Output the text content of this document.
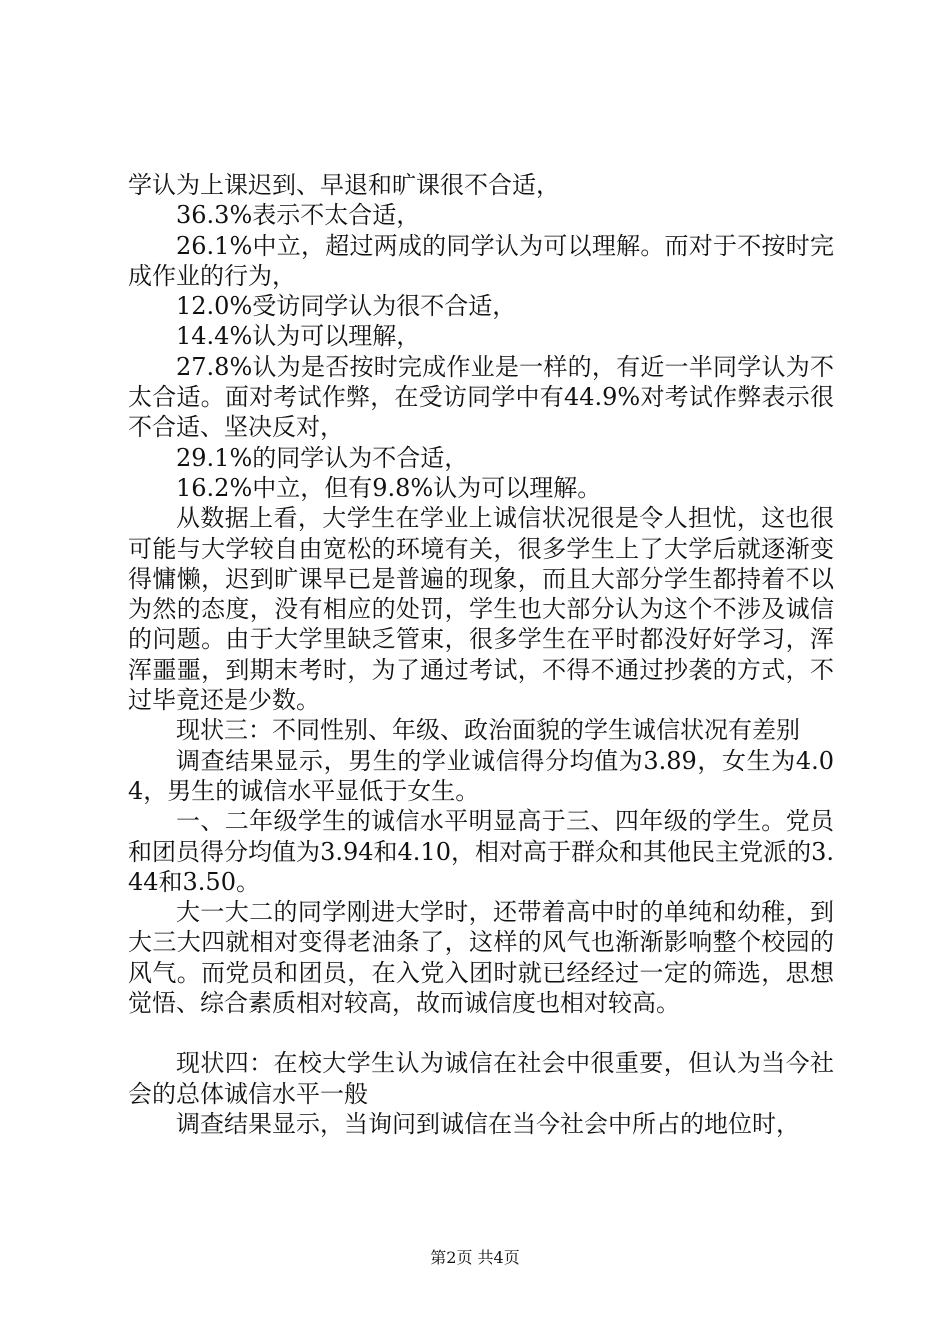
学认为上课迟到、早退和旷课很不合适，

36.3%表示不太合适，

26.1%中立，超过两成的同学认为可以理解。而对于不按时完成作业的行为，

12.0%受访同学认为很不合适，

14.4%认为可以理解，

27.8%认为是否按时完成作业是一样的，有近一半同学认为不太合适。面对考试作弊，在受访同学中有44.9%对考试作弊表示很不合适、坚决反对，

29.1%的同学认为不合适，

16.2%中立，但有9.8%认为可以理解。

从数据上看，大学生在学业上诚信状况很是令人担忧，这也很可能与大学较自由宽松的环境有关，很多学生上了大学后就逐渐变得慵懒，迟到旷课早已是普遍的现象，而且大部分学生都持着不以为然的态度，没有相应的处罚，学生也大部分认为这个不涉及诚信的问题。由于大学里缺乏管束，很多学生在平时都没好好学习，浑浑噩噩，到期末考时，为了通过考试，不得不通过抄袭的方式，不过毕竟还是少数。

现状三：不同性别、年级、政治面貌的学生诚信状况有差别

调查结果显示，男生的学业诚信得分均值为3.89，女生为4.04，男生的诚信水平显低于女生。

一、二年级学生的诚信水平明显高于三、四年级的学生。党员和团员得分均值为3.94和4.10，相对高于群众和其他民主党派的3.44和3.50。

大一大二的同学刚进大学时，还带着高中时的单纯和幼稚，到大三大四就相对变得老油条了，这样的风气也渐渐影响整个校园的风气。而党员和团员，在入党入团时就已经经过一定的筛选，思想觉悟、综合素质相对较高，故而诚信度也相对较高。

现状四：在校大学生认为诚信在社会中很重要，但认为当今社会的总体诚信水平一般

调查结果显示，当询问到诚信在当今社会中所占的地位时，

第2页 共4页
